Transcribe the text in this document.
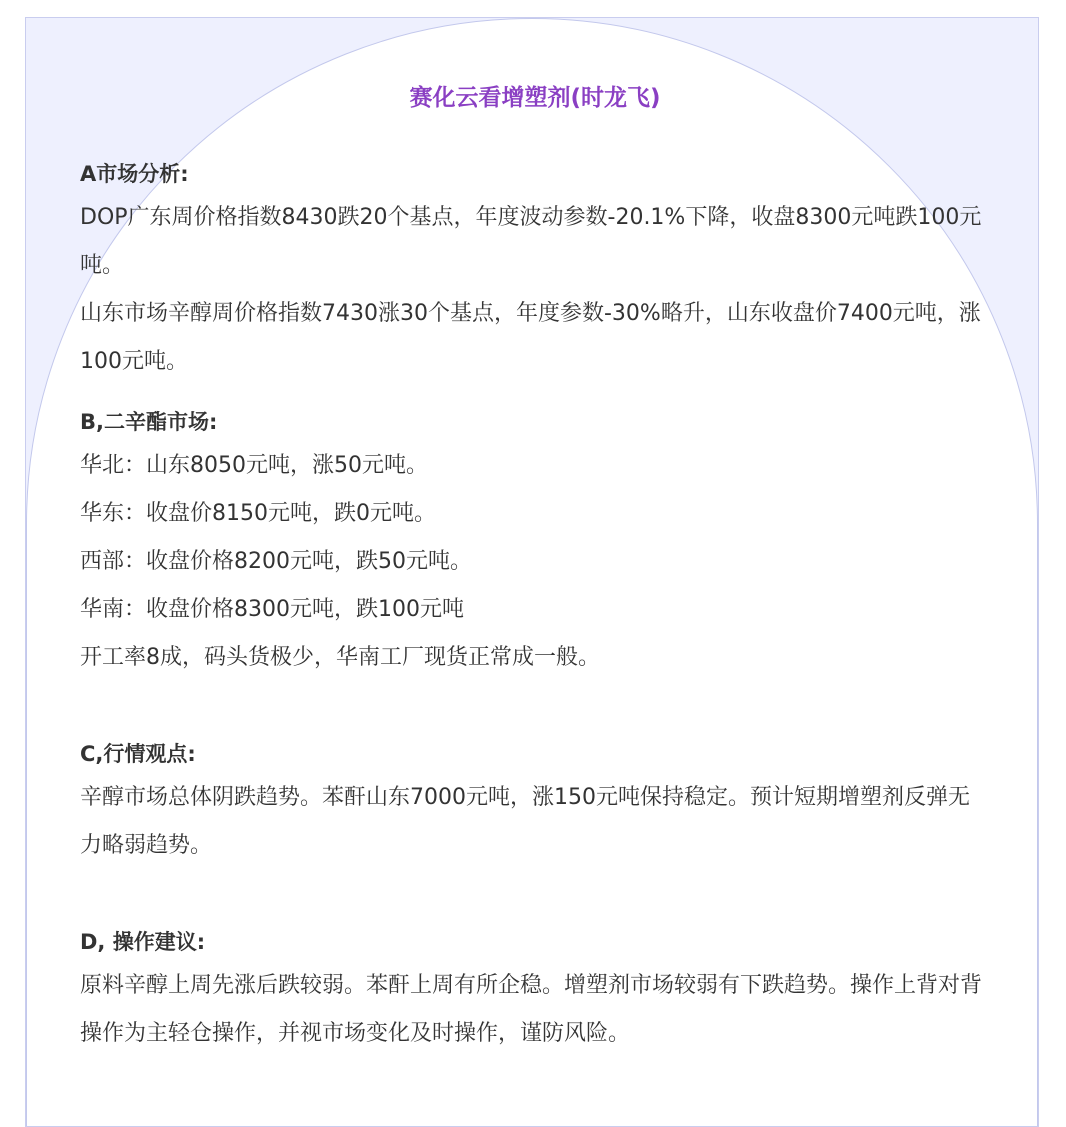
赛化云看增塑剂(时龙飞)
A市场分析:

DOP广东周价格指数8430跌20个基点，年度波动参数-20.1%下降，收盘8300元吨跌100元吨。

山东市场辛醇周价格指数7430涨30个基点，年度参数-30%略升，山东收盘价7400元吨，涨100元吨。

B,二辛酯市场:

华北：山东8050元吨，涨50元吨。

华东：收盘价8150元吨，跌0元吨。

西部：收盘价格8200元吨，跌50元吨。

华南：收盘价格8300元吨，跌100元吨

开工率8成，码头货极少，华南工厂现货正常成一般。

C,行情观点:

辛醇市场总体阴跌趋势。苯酐山东7000元吨，涨150元吨保持稳定。预计短期增塑剂反弹无力略弱趋势。

D, 操作建议:

原料辛醇上周先涨后跌较弱。苯酐上周有所企稳。增塑剂市场较弱有下跌趋势。操作上背对背操作为主轻仓操作，并视市场变化及时操作，谨防风险。
